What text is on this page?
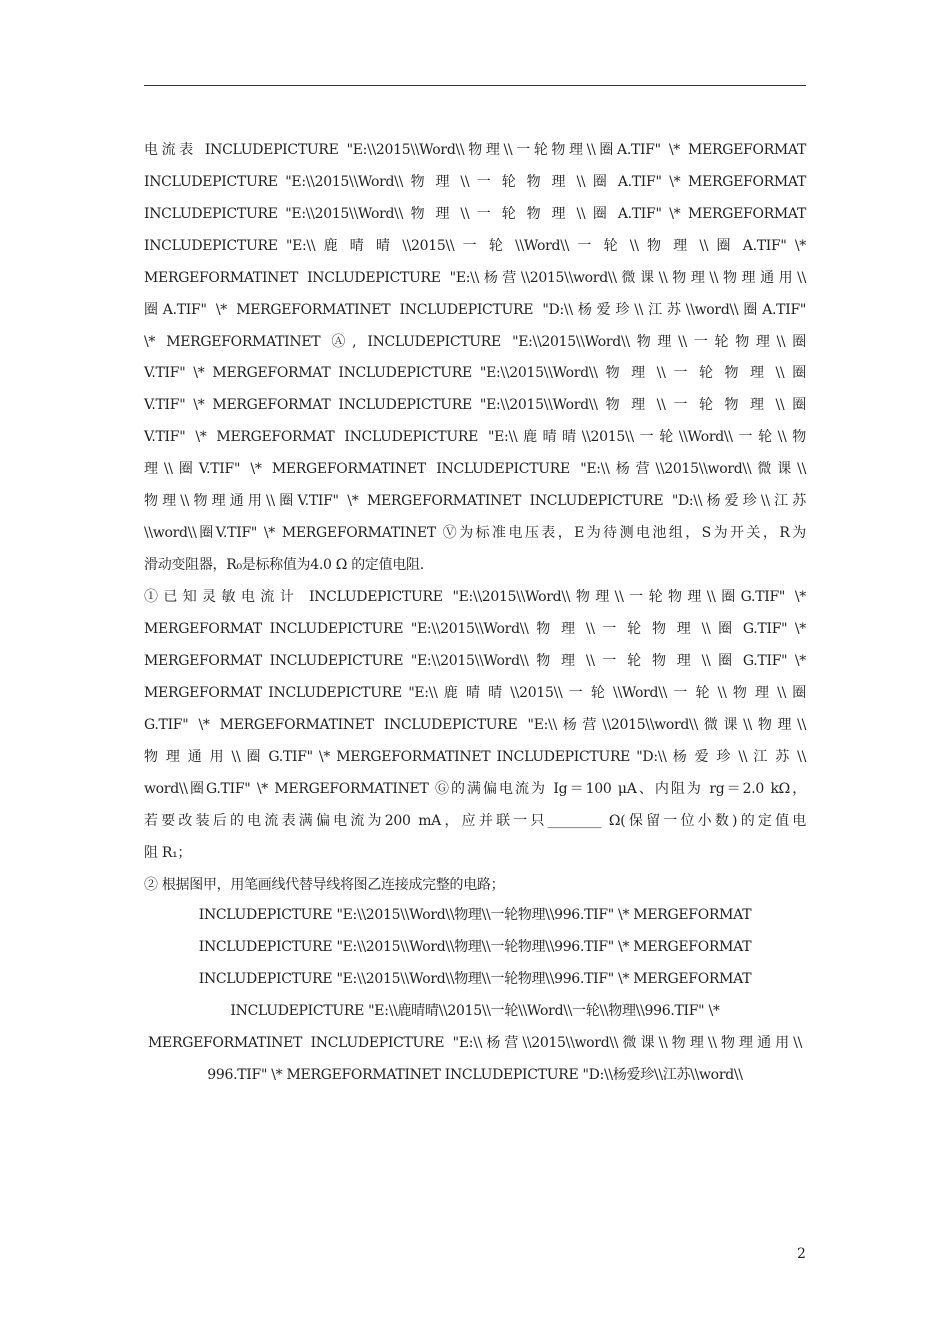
电流表 INCLUDEPICTURE "E:\\2015\\Word\\物理\\一轮物理\\圈A.TIF" \* MERGEFORMAT
INCLUDEPICTURE "E:\\2015\\Word\\ 物 理 \\ 一 轮 物 理 \\ 圈 A.TIF" \* MERGEFORMAT
INCLUDEPICTURE "E:\\2015\\Word\\ 物 理 \\ 一 轮 物 理 \\ 圈 A.TIF" \* MERGEFORMAT
INCLUDEPICTURE "E:\\ 鹿 晴 晴 \\2015\\ 一 轮 \\Word\\ 一 轮 \\ 物 理 \\ 圈 A.TIF" \*
MERGEFORMATINET INCLUDEPICTURE "E:\\杨营\\2015\\word\\微课\\物理\\物理通用\\
圈A.TIF" \* MERGEFORMATINET INCLUDEPICTURE "D:\\杨爱珍\\江苏\\word\\圈A.TIF"
\* MERGEFORMATINET Ⓐ, INCLUDEPICTURE "E:\\2015\\Word\\物理\\一轮物理\\圈
V.TIF" \* MERGEFORMAT INCLUDEPICTURE "E:\\2015\\Word\\ 物 理 \\ 一 轮 物 理 \\ 圈
V.TIF" \* MERGEFORMAT INCLUDEPICTURE "E:\\2015\\Word\\ 物 理 \\ 一 轮 物 理 \\ 圈
V.TIF" \* MERGEFORMAT INCLUDEPICTURE "E:\\鹿晴晴\\2015\\一轮\\Word\\一轮\\物
理\\圈V.TIF" \* MERGEFORMATINET INCLUDEPICTURE "E:\\杨营\\2015\\word\\微课\\
物理\\物理通用\\圈V.TIF" \* MERGEFORMATINET INCLUDEPICTURE "D:\\杨爱珍\\江苏
\\word\\圈V.TIF" \* MERGEFORMATINET Ⓥ为标准电压表，E为待测电池组，S为开关，R为
滑动变阻器，R₀是标称值为4.0 Ω 的定值电阻.
①已知灵敏电流计 INCLUDEPICTURE "E:\\2015\\Word\\物理\\一轮物理\\圈G.TIF" \*
MERGEFORMAT INCLUDEPICTURE "E:\\2015\\Word\\ 物 理 \\ 一 轮 物 理 \\ 圈 G.TIF" \*
MERGEFORMAT INCLUDEPICTURE "E:\\2015\\Word\\ 物 理 \\ 一 轮 物 理 \\ 圈 G.TIF" \*
MERGEFORMAT INCLUDEPICTURE "E:\\ 鹿 晴 晴 \\2015\\ 一 轮 \\Word\\ 一 轮 \\ 物 理 \\ 圈
G.TIF" \* MERGEFORMATINET INCLUDEPICTURE "E:\\杨营\\2015\\word\\微课\\物理\\
物 理 通 用 \\ 圈 G.TIF" \* MERGEFORMATINET INCLUDEPICTURE "D:\\ 杨 爱 珍 \\ 江 苏 \\
word\\圈G.TIF" \* MERGEFORMATINET Ⓖ的满偏电流为 Ig＝100 μA、内阻为 rg＝2.0 kΩ，
若要改装后的电流表满偏电流为200 mA，应并联一只________ Ω(保留一位小数)的定值电
阻 R₁；
② 根据图甲，用笔画线代替导线将图乙连接成完整的电路；
INCLUDEPICTURE "E:\\2015\\Word\\物理\\一轮物理\\996.TIF" \* MERGEFORMAT
INCLUDEPICTURE "E:\\2015\\Word\\物理\\一轮物理\\996.TIF" \* MERGEFORMAT
INCLUDEPICTURE "E:\\2015\\Word\\物理\\一轮物理\\996.TIF" \* MERGEFORMAT
INCLUDEPICTURE "E:\\鹿晴晴\\2015\\一轮\\Word\\一轮\\物理\\996.TIF" \*
MERGEFORMATINET INCLUDEPICTURE "E:\\杨营\\2015\\word\\微课\\物理\\物理通用\\
996.TIF" \* MERGEFORMATINET INCLUDEPICTURE "D:\\杨爱珍\\江苏\\word\\
2
